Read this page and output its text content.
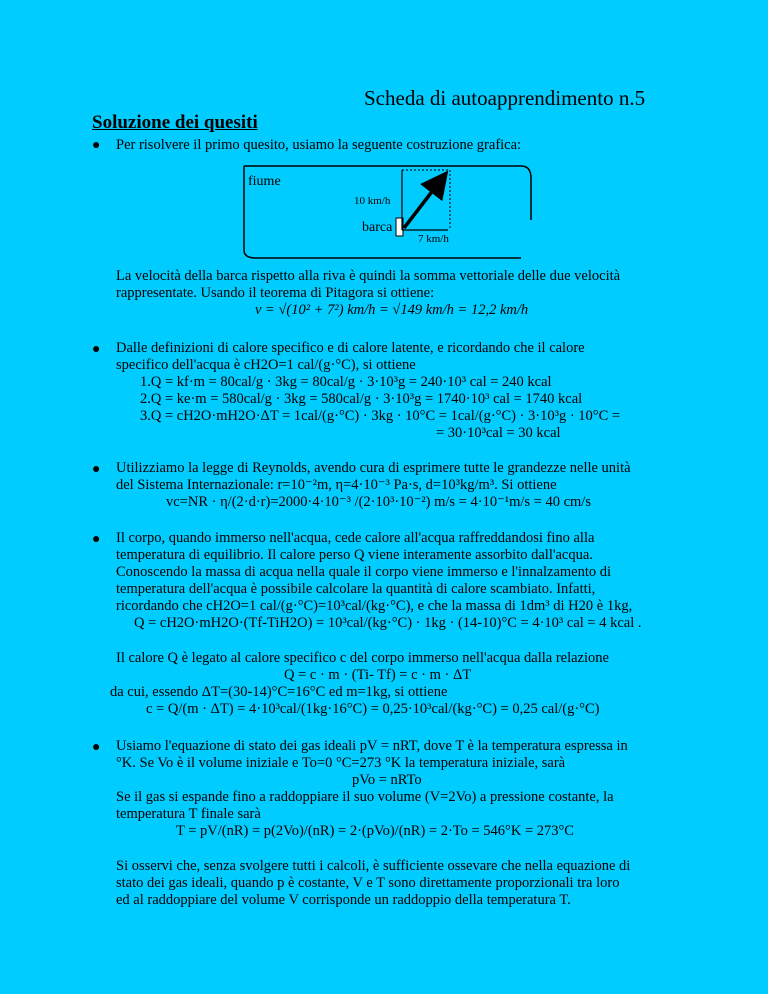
Scheda di autoapprendimento n.5
Soluzione dei quesiti
● Per risolvere il primo quesito, usiamo la seguente costruzione grafica:
fiume
10 km/h
barca
7 km/h
La velocità della barca rispetto alla riva è quindi la somma vettoriale delle due velocità
rappresentate. Usando il teorema di Pitagora si ottiene:
v = √(10² + 7²) km/h = √149 km/h = 12,2 km/h
● Dalle definizioni di calore specifico e di calore latente, e ricordando che il calore
specifico dell'acqua è cH2O=1 cal/(g·°C), si ottiene
1.Q = kf·m = 80cal/g · 3kg = 80cal/g · 3·10³g = 240·10³ cal = 240 kcal
2.Q = ke·m = 580cal/g · 3kg = 580cal/g · 3·10³g = 1740·10³ cal = 1740 kcal
3.Q = cH2O·mH2O·ΔT = 1cal/(g·°C) · 3kg · 10°C = 1cal/(g·°C) · 3·10³g · 10°C =
= 30·10³cal = 30 kcal
● Utilizziamo la legge di Reynolds, avendo cura di esprimere tutte le grandezze nelle unità
del Sistema Internazionale: r=10⁻²m, η=4·10⁻³ Pa·s, d=10³kg/m³. Si ottiene
vc=NR · η/(2·d·r)=2000·4·10⁻³ /(2·10³·10⁻²) m/s = 4·10⁻¹m/s = 40 cm/s
● Il corpo, quando immerso nell'acqua, cede calore all'acqua raffreddandosi fino alla
temperatura di equilibrio. Il calore perso Q viene interamente assorbito dall'acqua.
Conoscendo la massa di acqua nella quale il corpo viene immerso e l'innalzamento di
temperatura dell'acqua è possibile calcolare la quantità di calore scambiato. Infatti,
ricordando che cH2O=1 cal/(g·°C)=10³cal/(kg·°C), e che la massa di 1dm³ di H20 è 1kg,
Q = cH2O·mH2O·(Tf-TiH2O) = 10³cal/(kg·°C) · 1kg · (14-10)°C = 4·10³ cal = 4 kcal .
Il calore Q è legato al calore specifico c del corpo immerso nell'acqua dalla relazione
Q = c · m · (Ti- Tf) = c · m · ΔT
da cui, essendo ΔT=(30-14)°C=16°C ed m=1kg, si ottiene
c = Q/(m · ΔT) = 4·10³cal/(1kg·16°C) = 0,25·10³cal/(kg·°C) = 0,25 cal/(g·°C)
● Usiamo l'equazione di stato dei gas ideali pV = nRT, dove T è la temperatura espressa in
°K. Se Vo è il volume iniziale e To=0 °C=273 °K la temperatura iniziale, sarà
pVo = nRTo
Se il gas si espande fino a raddoppiare il suo volume (V=2Vo) a pressione costante, la
temperatura T finale sarà
T = pV/(nR) = p(2Vo)/(nR) = 2·(pVo)/(nR) = 2·To = 546°K = 273°C
Si osservi che, senza svolgere tutti i calcoli, è sufficiente ossevare che nella equazione di
stato dei gas ideali, quando p è costante, V e T sono direttamente proporzionali tra loro
ed al raddoppiare del volume V corrisponde un raddoppio della temperatura T.
